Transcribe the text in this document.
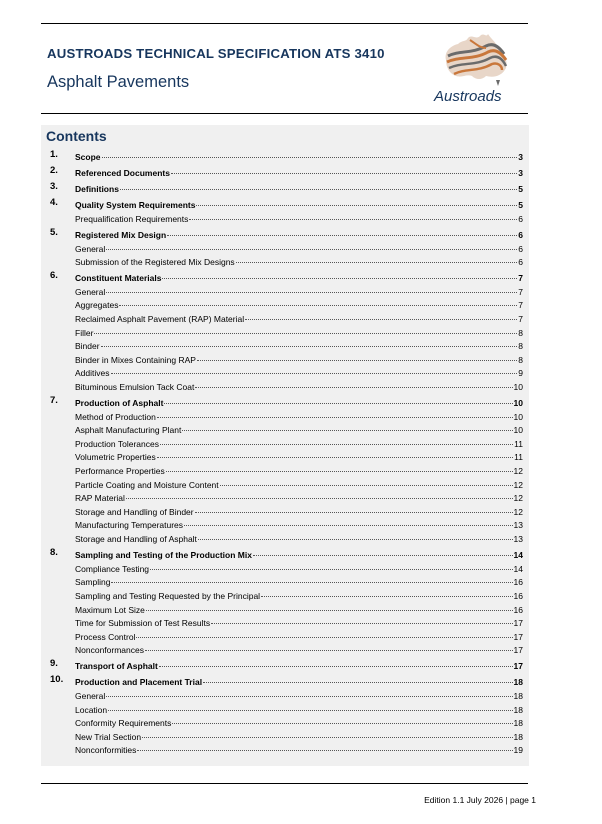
AUSTROADS TECHNICAL SPECIFICATION ATS 3410
Asphalt Pavements
Austroads
Contents
1. Scope	3
2. Referenced Documents	3
3. Definitions	5
4. Quality System Requirements	5
Prequalification Requirements	6
5. Registered Mix Design	6
General	6
Submission of the Registered Mix Designs	6
6. Constituent Materials	7
General	7
Aggregates	7
Reclaimed Asphalt Pavement (RAP) Material	7
Filler	8
Binder	8
Binder in Mixes Containing RAP	8
Additives	9
Bituminous Emulsion Tack Coat	10
7. Production of Asphalt	10
Method of Production	10
Asphalt Manufacturing Plant	10
Production Tolerances	11
Volumetric Properties	11
Performance Properties	12
Particle Coating and Moisture Content	12
RAP Material	12
Storage and Handling of Binder	12
Manufacturing Temperatures	13
Storage and Handling of Asphalt	13
8. Sampling and Testing of the Production Mix	14
Compliance Testing	14
Sampling	16
Sampling and Testing Requested by the Principal	16
Maximum Lot Size	16
Time for Submission of Test Results	17
Process Control	17
Nonconformances	17
9. Transport of Asphalt	17
10. Production and Placement Trial	18
General	18
Location	18
Conformity Requirements	18
New Trial Section	18
Nonconformities	19
Edition 1.1 July 2026 | page 1
